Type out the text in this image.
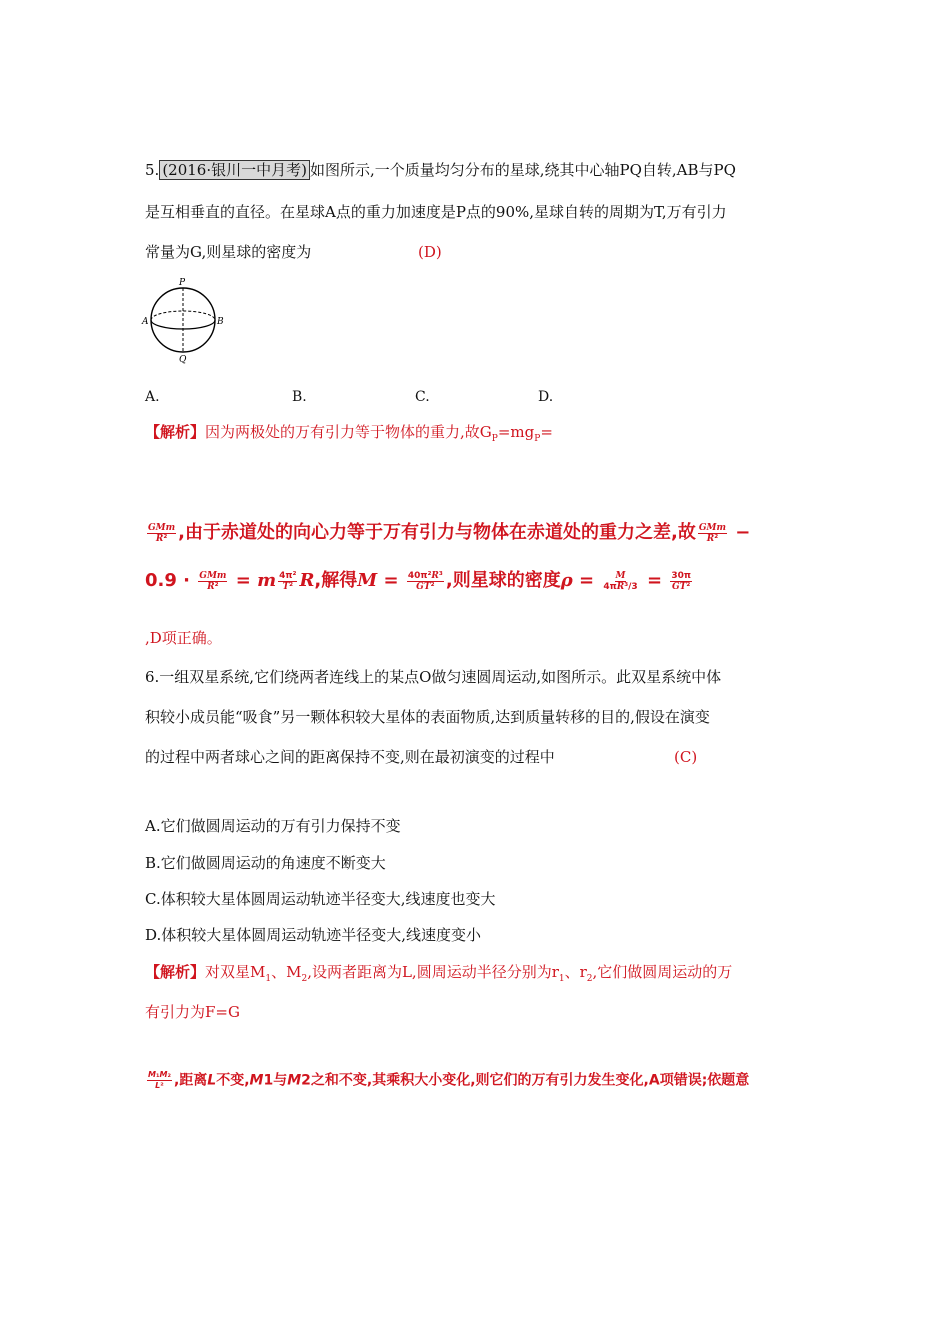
5. (2016·银川一中月考) 如图所示,一个质量均匀分布的星球,绕其中心轴PQ自转,AB与PQ
是互相垂直的直径。在星球A点的重力加速度是P点的90%,星球自转的周期为T,万有引力
常量为G,则星球的密度为	(D)
P
Q
A	B
A.	B.	C.	D.
【解析】因为两极处的万有引力等于物体的重力,故$G_P=mg_P=$
$\frac{\text{GMm}}{\text{R²}}$ ,由于赤道处的向心力等于万有引力与物体在赤道处的重力之差,故 $\frac{\text{GMm}}{\text{R²}}$ −
$0.9 \cdot \frac{\text{GMm}}{\text{R²}} = m \frac{\text{4π²}}{\text{T²}} R$,解得$M = \frac{\text{40π²R³}}{\text{GT²}}$ ,则星球的密度$\rho = \frac{M}{\text{4πR³/3}} = \frac{30\pi}{\text{GT²}}$
,D项正确。
6.一组双星系统,它们绕两者连线上的某点O做匀速圆周运动,如图所示。此双星系统中体
积较小成员能“吸食”另一颗体积较大星体的表面物质,达到质量转移的目的,假设在演变
的过程中两者球心之间的距离保持不变,则在最初演变的过程中	(C)
A.它们做圆周运动的万有引力保持不变
B.它们做圆周运动的角速度不断变大
C.体积较大星体圆周运动轨迹半径变大,线速度也变大
D.体积较大星体圆周运动轨迹半径变大,线速度变小
【解析】对双星$M_1$、$M_2$,设两者距离为L,圆周运动半径分别为$r_1$、$r_2$,它们做圆周运动的万
有引力为F=G
$\frac{\text{M₁M₂}}{\text{L²}}$ ,距离L不变,M1与M2之和不变,其乘积大小变化,则它们的万有引力发生变化,A项错误;依题意
